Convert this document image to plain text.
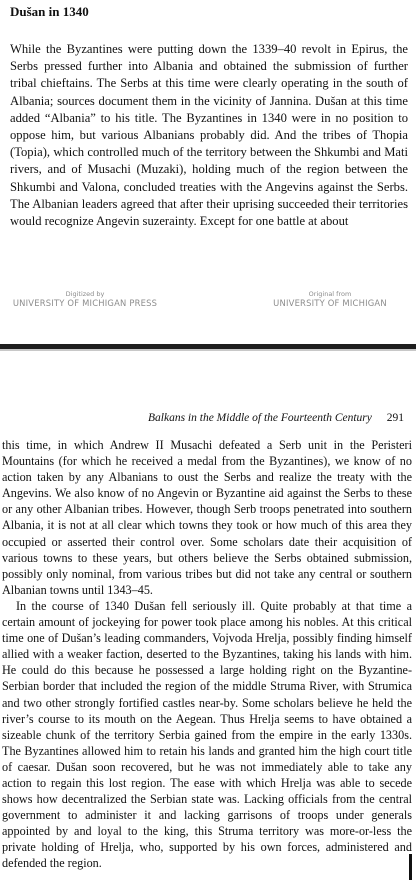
Dušan in 1340

While the Byzantines were putting down the 1339–40 revolt in Epirus, the Serbs pressed further into Albania and obtained the submission of further tribal chieftains. The Serbs at this time were clearly operating in the south of Albania; sources document them in the vicinity of Jannina. Dušan at this time added “Albania” to his title. The Byzantines in 1340 were in no position to oppose him, but various Albanians probably did. And the tribes of Thopia (Topia), which controlled much of the territory between the Shkumbi and Mati rivers, and of Musachi (Muzaki), holding much of the region between the Shkumbi and Valona, concluded treaties with the Angevins against the Serbs. The Albanian leaders agreed that after their uprising succeeded their territories would recognize Angevin suzerainty. Except for one battle at about

Digitized by
UNIVERSITY OF MICHIGAN PRESS
Original from
UNIVERSITY OF MICHIGAN
Balkans in the Middle of the Fourteenth Century 291

this time, in which Andrew II Musachi defeated a Serb unit in the Peristeri Mountains (for which he received a medal from the Byzantines), we know of no action taken by any Albanians to oust the Serbs and realize the treaty with the Angevins. We also know of no Angevin or Byzantine aid against the Serbs to these or any other Albanian tribes. However, though Serb troops penetrated into southern Albania, it is not at all clear which towns they took or how much of this area they occupied or asserted their control over. Some scholars date their acquisition of various towns to these years, but others believe the Serbs obtained submission, possibly only nominal, from various tribes but did not take any central or southern Albanian towns until 1343–45.

In the course of 1340 Dušan fell seriously ill. Quite probably at that time a certain amount of jockeying for power took place among his nobles. At this critical time one of Dušan’s leading commanders, Vojvoda Hrelja, possibly finding himself allied with a weaker faction, deserted to the Byzantines, taking his lands with him. He could do this because he possessed a large holding right on the Byzantine-Serbian border that included the region of the middle Struma River, with Strumica and two other strongly fortified castles near-by. Some scholars believe he held the river’s course to its mouth on the Aegean. Thus Hrelja seems to have obtained a sizeable chunk of the territory Serbia gained from the empire in the early 1330s. The Byzantines allowed him to retain his lands and granted him the high court title of caesar. Dušan soon recovered, but he was not immediately able to take any action to regain this lost region. The ease with which Hrelja was able to secede shows how decentralized the Serbian state was. Lacking officials from the central government to administer it and lacking garrisons of troops under generals appointed by and loyal to the king, this Struma territory was more-or-less the private holding of Hrelja, who, supported by his own forces, administered and defended the region.
